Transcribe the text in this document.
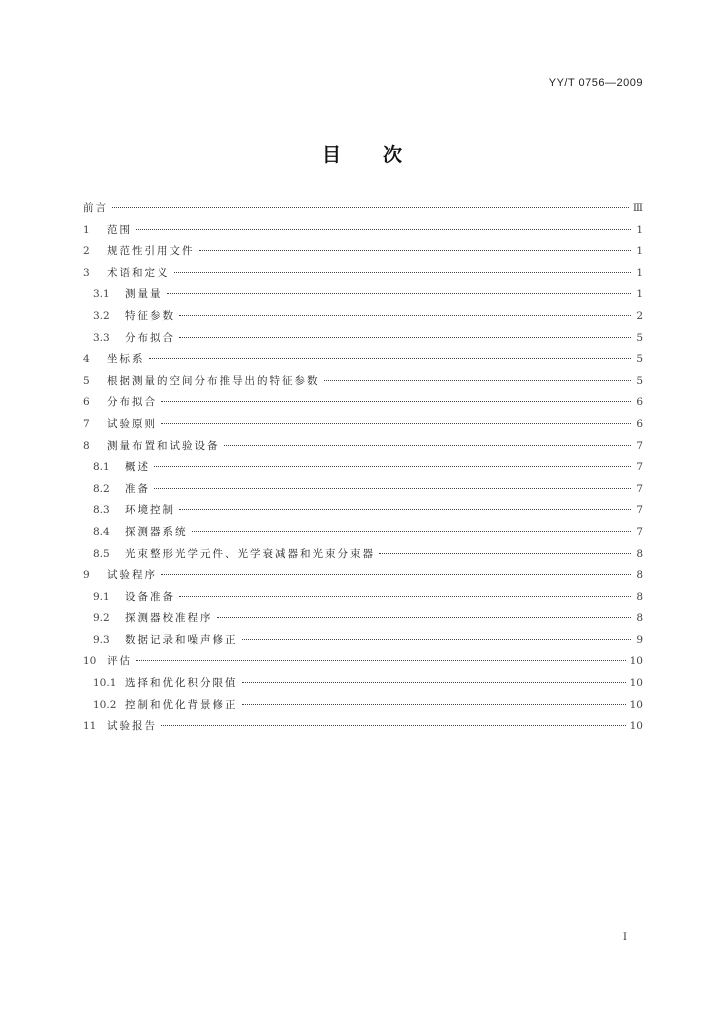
YY/T 0756—2009
目 次
前言	Ⅲ
1	范围	1
2	规范性引用文件	1
3	术语和定义	1
3.1	测量量	1
3.2	特征参数	2
3.3	分布拟合	5
4	坐标系	5
5	根据测量的空间分布推导出的特征参数	5
6	分布拟合	6
7	试验原则	6
8	测量布置和试验设备	7
8.1	概述	7
8.2	准备	7
8.3	环境控制	7
8.4	探测器系统	7
8.5	光束整形光学元件、光学衰减器和光束分束器	8
9	试验程序	8
9.1	设备准备	8
9.2	探测器校准程序	8
9.3	数据记录和噪声修正	9
10	评估	10
10.1 选择和优化积分限值	10
10.2 控制和优化背景修正	10
11	试验报告	10
I
